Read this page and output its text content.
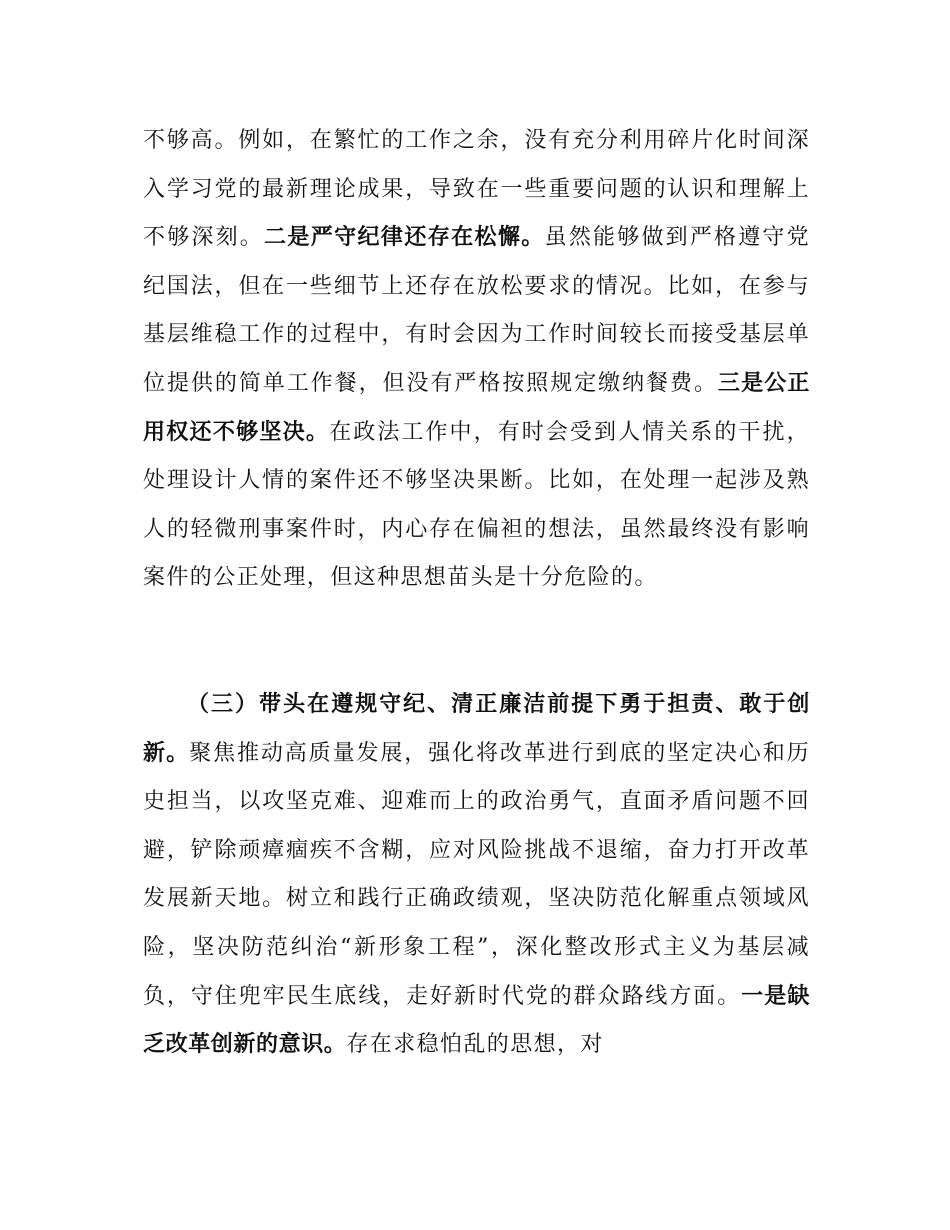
不够高。例如，在繁忙的工作之余，没有充分利用碎片化时间深入学习党的最新理论成果，导致在一些重要问题的认识和理解上不够深刻。二是严守纪律还存在松懈。虽然能够做到严格遵守党纪国法，但在一些细节上还存在放松要求的情况。比如，在参与基层维稳工作的过程中，有时会因为工作时间较长而接受基层单位提供的简单工作餐，但没有严格按照规定缴纳餐费。三是公正用权还不够坚决。在政法工作中，有时会受到人情关系的干扰，处理设计人情的案件还不够坚决果断。比如，在处理一起涉及熟人的轻微刑事案件时，内心存在偏袒的想法，虽然最终没有影响案件的公正处理，但这种思想苗头是十分危险的。

（三）带头在遵规守纪、清正廉洁前提下勇于担责、敢于创新。聚焦推动高质量发展，强化将改革进行到底的坚定决心和历史担当，以攻坚克难、迎难而上的政治勇气，直面矛盾问题不回避，铲除顽瘴痼疾不含糊，应对风险挑战不退缩，奋力打开改革发展新天地。树立和践行正确政绩观，坚决防范化解重点领域风险，坚决防范纠治“新形象工程”，深化整改形式主义为基层减负，守住兜牢民生底线，走好新时代党的群众路线方面。一是缺乏改革创新的意识。存在求稳怕乱的思想，对
